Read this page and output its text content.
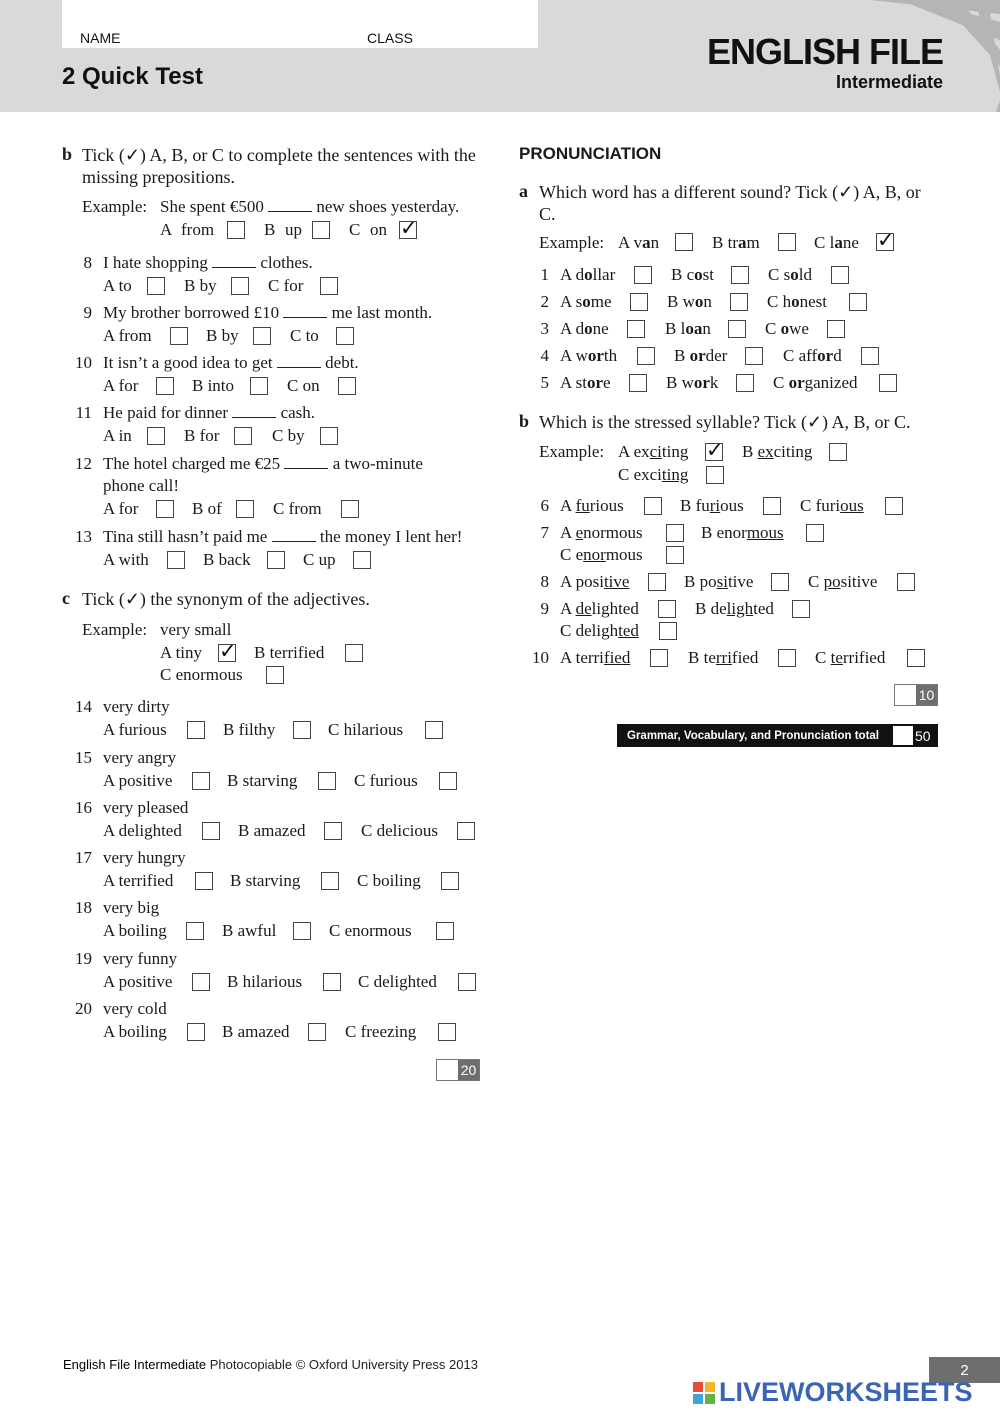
NAME	CLASS
2 Quick Test
ENGLISH FILE
Intermediate
b Tick (✓) A, B, or C to complete the sentences with the missing prepositions.
Example: She spent €500	new shoes yesterday.
c Tick (✓) the synonym of the adjectives.
Example: very small
20
PRONUNCIATION
a Which word has a different sound? Tick (✓) A, B, or C.
Example:
b Which is the stressed syllable? Tick (✓) A, B, or C.
Example:
10
Grammar, Vocabulary, and Pronunciation total	50
English File Intermediate Photocopiable © Oxford University Press 2013	2
LIVEWORKSHEETS
A from	B up	C on
✓
8 I hate shopping	clothes.
A to	B by	C for
9 My brother borrowed £10	me last month.
A from	B by	C to
10 It isn’t a good idea to get	debt.
A for	B into	C on
11 He paid for dinner	cash.
A in	B for	C by
12 The hotel charged me €25	a two-minute
phone call!
A for	B of	C from
13 Tina still hasn’t paid me	the money I lent her!
A with	B back	C up
A tiny ✓	B terrified
C enormous
14 very dirty
A furious	B filthy	C hilarious
15 very angry
A positive	B starving	C furious
16 very pleased
A delighted	B amazed	C delicious
17 very hungry
A terrified	B starving	C boiling
18 very big
A boiling	B awful	C enormous
19 very funny
A positive	B hilarious	C delighted
20 very cold
A boiling	B amazed	C freezing
A van	B tram	C lane
✓
1 A dollar	B cost	C sold
2 A some	B won	C honest
3 A done	B loan	C owe
4 A worth	B order	C afford
5 A store	B work	C organized
A exciting ✓	B exciting
C exciting
6 A furious	B furious	C furious
7 A enormous	B enormous
C enormous
8 A positive	B positive	C positive
9 A delighted	B delighted
C delighted
10 A terrified	B terrified	C terrified
